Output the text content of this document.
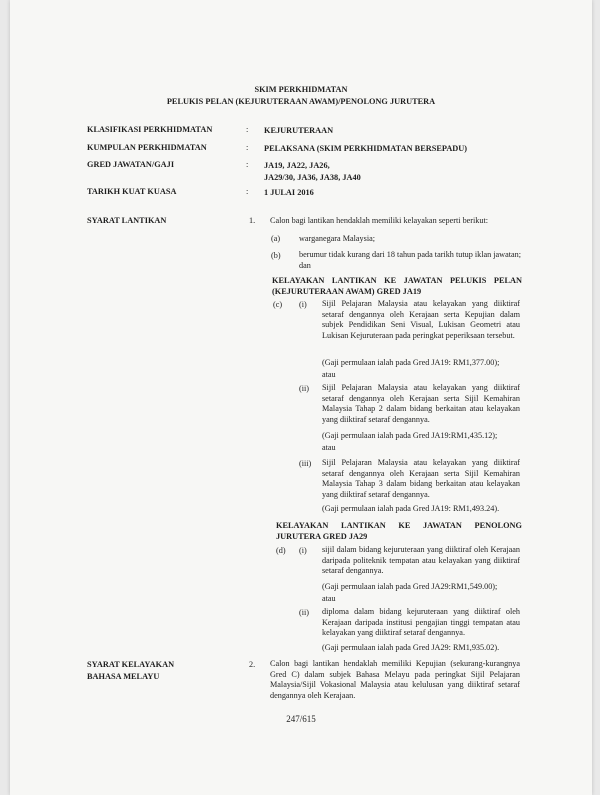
SKIM PERKHIDMATAN
PELUKIS PELAN (KEJURUTERAAN AWAM)/PENOLONG JURUTERA
KLASIFIKASI PERKHIDMATAN	: KEJURUTERAAN
KUMPULAN PERKHIDMATAN	: PELAKSANA (SKIM PERKHIDMATAN BERSEPADU)
GRED JAWATAN/GAJI	: JA19, JA22, JA26,
JA29/30, JA36, JA38, JA40
TARIKH KUAT KUASA	: 1 JULAI 2016
SYARAT LANTIKAN	1. Calon bagi lantikan hendaklah memiliki kelayakan seperti berikut:
(a) warganegara Malaysia;
(b) berumur tidak kurang dari 18 tahun pada tarikh tutup iklan jawatan; dan
KELAYAKAN LANTIKAN KE JAWATAN PELUKIS PELAN (KEJURUTERAAN AWAM) GRED JA19
(c) (i) Sijil Pelajaran Malaysia atau kelayakan yang diiktiraf setaraf dengannya oleh Kerajaan serta Kepujian dalam subjek Pendidikan Seni Visual, Lukisan Geometri atau Lukisan Kejuruteraan pada peringkat peperiksaan tersebut.
(Gaji permulaan ialah pada Gred JA19: RM1,377.00);
atau
(ii) Sijil Pelajaran Malaysia atau kelayakan yang diiktiraf setaraf dengannya oleh Kerajaan serta Sijil Kemahiran Malaysia Tahap 2 dalam bidang berkaitan atau kelayakan yang diiktiraf setaraf dengannya.
(Gaji permulaan ialah pada Gred JA19:RM1,435.12);
atau
(iii) Sijil Pelajaran Malaysia atau kelayakan yang diiktiraf setaraf dengannya oleh Kerajaan serta Sijil Kemahiran Malaysia Tahap 3 dalam bidang berkaitan atau kelayakan yang diiktiraf setaraf dengannya.
(Gaji permulaan ialah pada Gred JA19: RM1,493.24).
KELAYAKAN LANTIKAN KE JAWATAN PENOLONG JURUTERA GRED JA29
(d) (i) sijil dalam bidang kejuruteraan yang diiktiraf oleh Kerajaan daripada politeknik tempatan atau kelayakan yang diiktiraf setaraf dengannya.
(Gaji permulaan ialah pada Gred JA29:RM1,549.00);
atau
(ii) diploma dalam bidang kejuruteraan yang diiktiraf oleh Kerajaan daripada institusi pengajian tinggi tempatan atau kelayakan yang diiktiraf setaraf dengannya.
(Gaji permulaan ialah pada Gred JA29: RM1,935.02).
SYARAT KELAYAKAN
BAHASA MELAYU
2. Calon bagi lantikan hendaklah memiliki Kepujian (sekurang-kurangnya Gred C) dalam subjek Bahasa Melayu pada peringkat Sijil Pelajaran Malaysia/Sijil Vokasional Malaysia atau kelulusan yang diiktiraf setaraf dengannya oleh Kerajaan.
247/615
